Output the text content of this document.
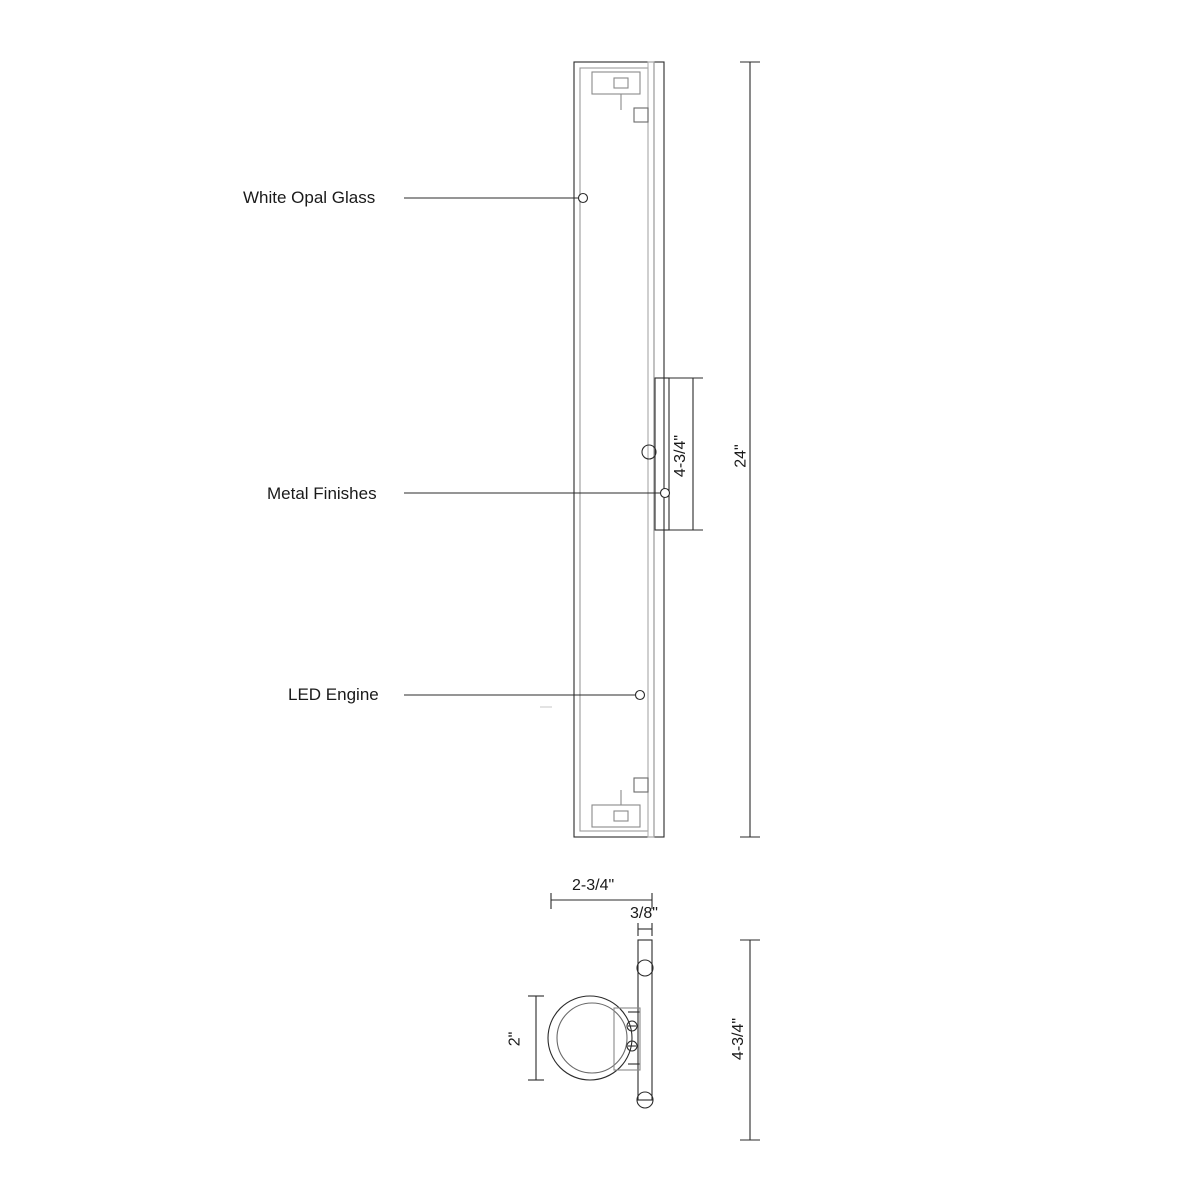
White Opal Glass
Metal Finishes
LED Engine
24"
4-3/4"
2-3/4"
3/8"
4-3/4"
2"
